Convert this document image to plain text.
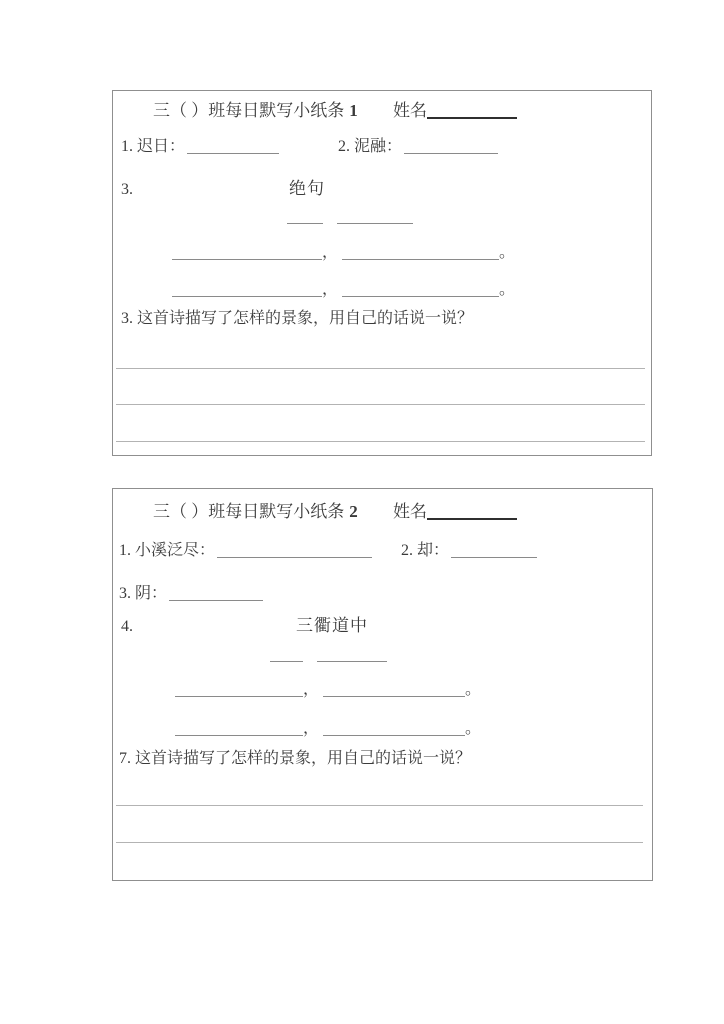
三（ ）班每日默写小纸条 1 姓名
1. 迟日：	2. 泥融：
3.	绝句
，	。
，	。
3. 这首诗描写了怎样的景象，用自己的话说一说？
三（ ）班每日默写小纸条 2 姓名
1. 小溪泛尽：	2. 却：
3. 阴：
4.	三衢道中
，	。
，	。
7. 这首诗描写了怎样的景象，用自己的话说一说？
